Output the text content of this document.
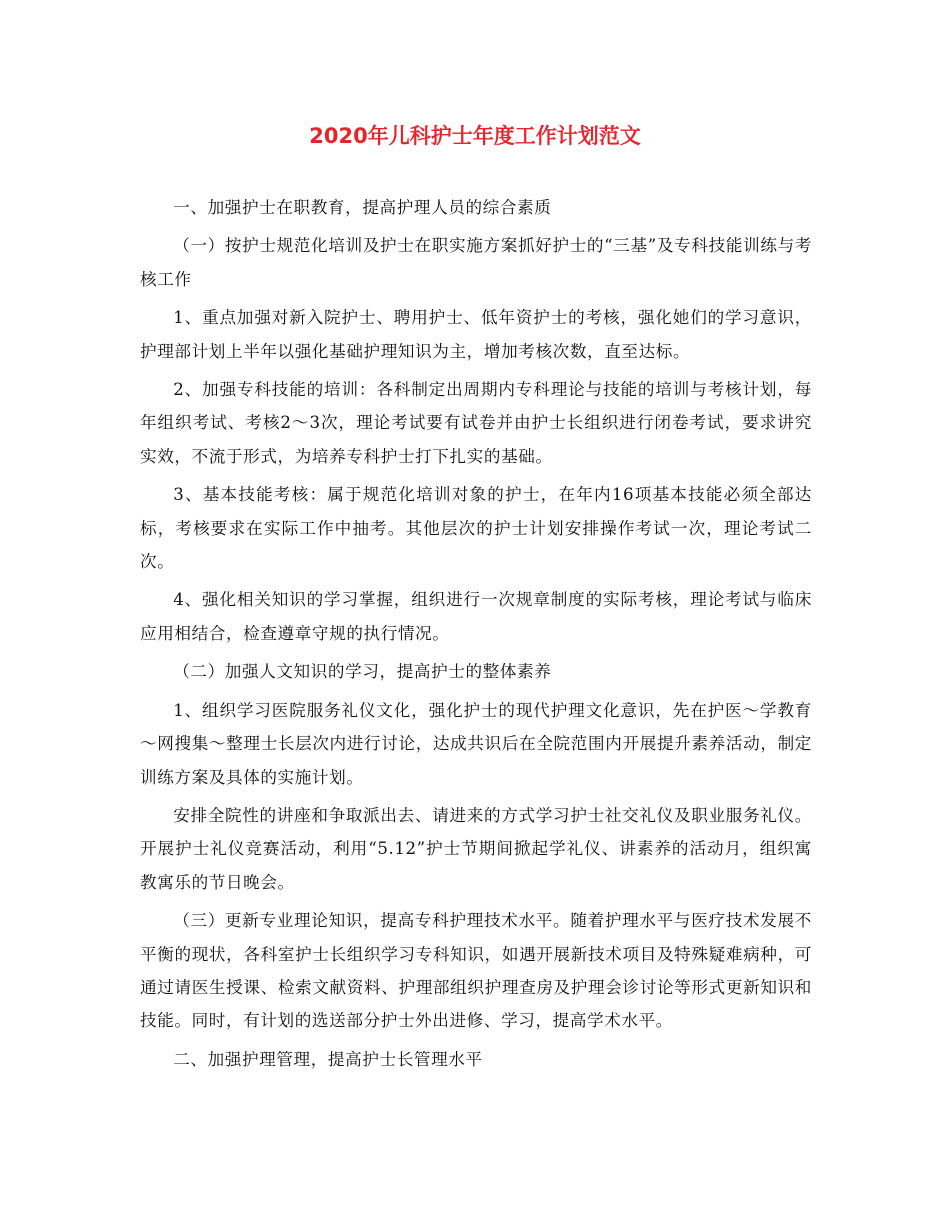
2020年儿科护士年度工作计划范文

一、加强护士在职教育，提高护理人员的综合素质

（一）按护士规范化培训及护士在职实施方案抓好护士的“三基”及专科技能训练与考核工作

1、重点加强对新入院护士、聘用护士、低年资护士的考核，强化她们的学习意识，护理部计划上半年以强化基础护理知识为主，增加考核次数，直至达标。

2、加强专科技能的培训：各科制定出周期内专科理论与技能的培训与考核计划，每年组织考试、考核2～3次，理论考试要有试卷并由护士长组织进行闭卷考试，要求讲究实效，不流于形式，为培养专科护士打下扎实的基础。

3、基本技能考核：属于规范化培训对象的护士，在年内16项基本技能必须全部达标，考核要求在实际工作中抽考。其他层次的护士计划安排操作考试一次，理论考试二次。

4、强化相关知识的学习掌握，组织进行一次规章制度的实际考核，理论考试与临床应用相结合，检查遵章守规的执行情况。

（二）加强人文知识的学习，提高护士的整体素养

1、组织学习医院服务礼仪文化，强化护士的现代护理文化意识，先在护医～学教育～网搜集～整理士长层次内进行讨论，达成共识后在全院范围内开展提升素养活动，制定训练方案及具体的实施计划。

安排全院性的讲座和争取派出去、请进来的方式学习护士社交礼仪及职业服务礼仪。开展护士礼仪竞赛活动，利用“5.12”护士节期间掀起学礼仪、讲素养的活动月，组织寓教寓乐的节日晚会。

（三）更新专业理论知识，提高专科护理技术水平。随着护理水平与医疗技术发展不平衡的现状，各科室护士长组织学习专科知识，如遇开展新技术项目及特殊疑难病种，可通过请医生授课、检索文献资料、护理部组织护理查房及护理会诊讨论等形式更新知识和技能。同时，有计划的选送部分护士外出进修、学习，提高学术水平。

二、加强护理管理，提高护士长管理水平
